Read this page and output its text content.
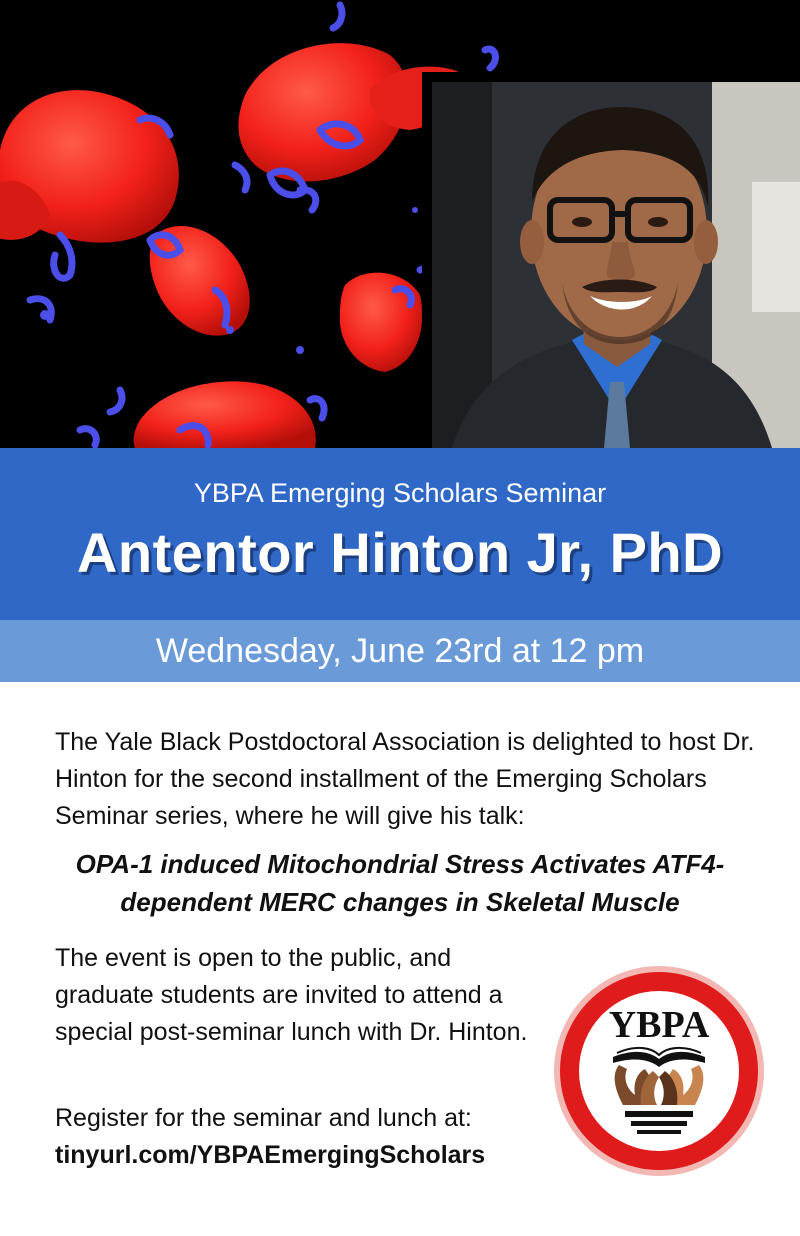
YBPA Emerging Scholars Seminar
Antentor Hinton Jr, PhD
Wednesday, June 23rd at 12 pm
The Yale Black Postdoctoral Association is delighted to host Dr. Hinton for the second installment of the Emerging Scholars Seminar series, where he will give his talk:
OPA-1 induced Mitochondrial Stress Activates ATF4-dependent MERC changes in Skeletal Muscle
The event is open to the public, and graduate students are invited to attend a special post-seminar lunch with Dr. Hinton.
Register for the seminar and lunch at:
tinyurl.com/YBPAEmergingScholars
YBPA
